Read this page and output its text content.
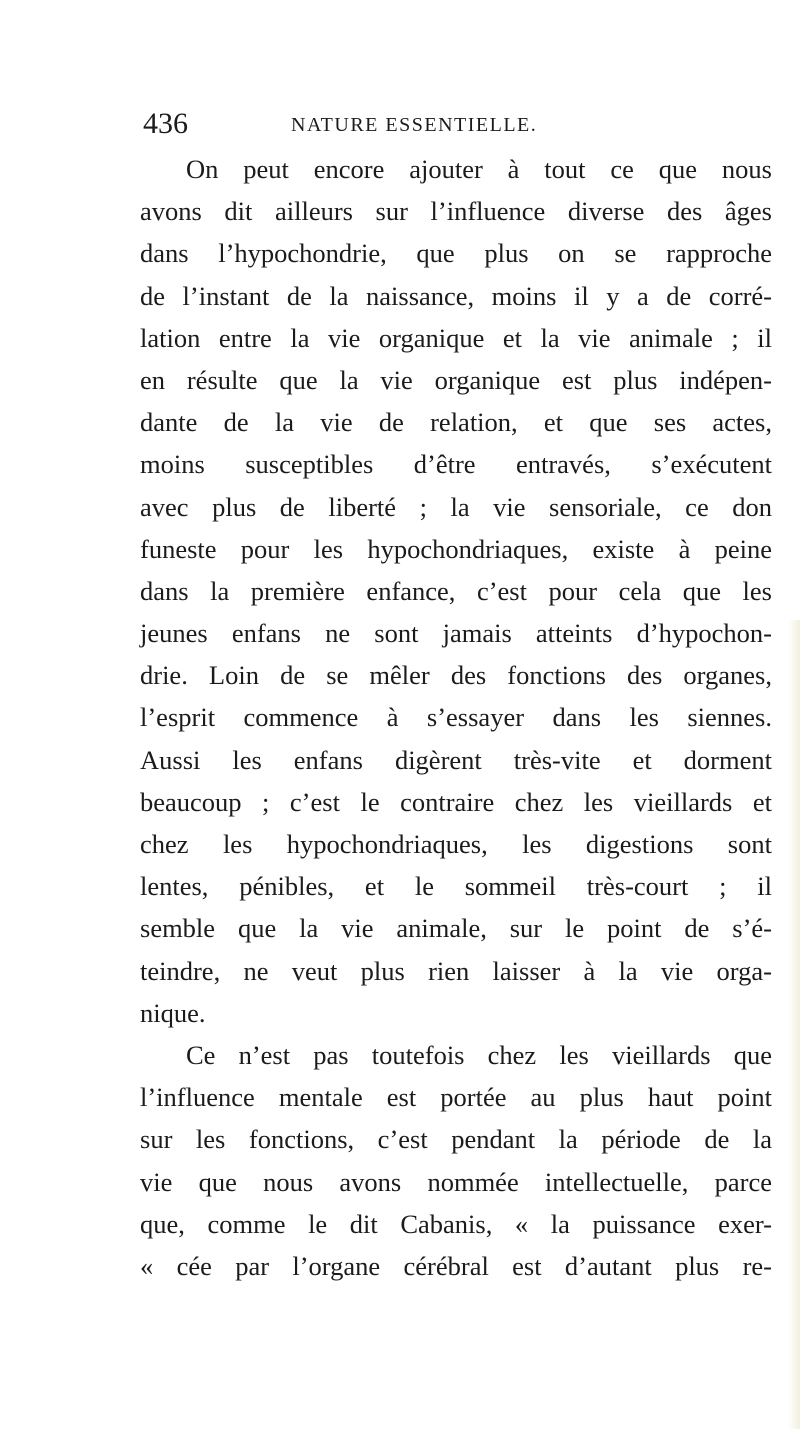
436	NATURE ESSENTIELLE.
On peut encore ajouter à tout ce que nous
avons dit ailleurs sur l’influence diverse des âges
dans l’hypochondrie, que plus on se rapproche
de l’instant de la naissance, moins il y a de corré-
lation entre la vie organique et la vie animale ; il
en résulte que la vie organique est plus indépen-
dante de la vie de relation, et que ses actes,
moins susceptibles d’être entravés, s’exécutent
avec plus de liberté ; la vie sensoriale, ce don
funeste pour les hypochondriaques, existe à peine
dans la première enfance, c’est pour cela que les
jeunes enfans ne sont jamais atteints d’hypochon-
drie. Loin de se mêler des fonctions des organes,
l’esprit commence à s’essayer dans les siennes.
Aussi les enfans digèrent très-vite et dorment
beaucoup ; c’est le contraire chez les vieillards et
chez les hypochondriaques, les digestions sont
lentes, pénibles, et le sommeil très-court ; il
semble que la vie animale, sur le point de s’é-
teindre, ne veut plus rien laisser à la vie orga-
nique.
Ce n’est pas toutefois chez les vieillards que
l’influence mentale est portée au plus haut point
sur les fonctions, c’est pendant la période de la
vie que nous avons nommée intellectuelle, parce
que, comme le dit Cabanis, « la puissance exer-
« cée par l’organe cérébral est d’autant plus re-
